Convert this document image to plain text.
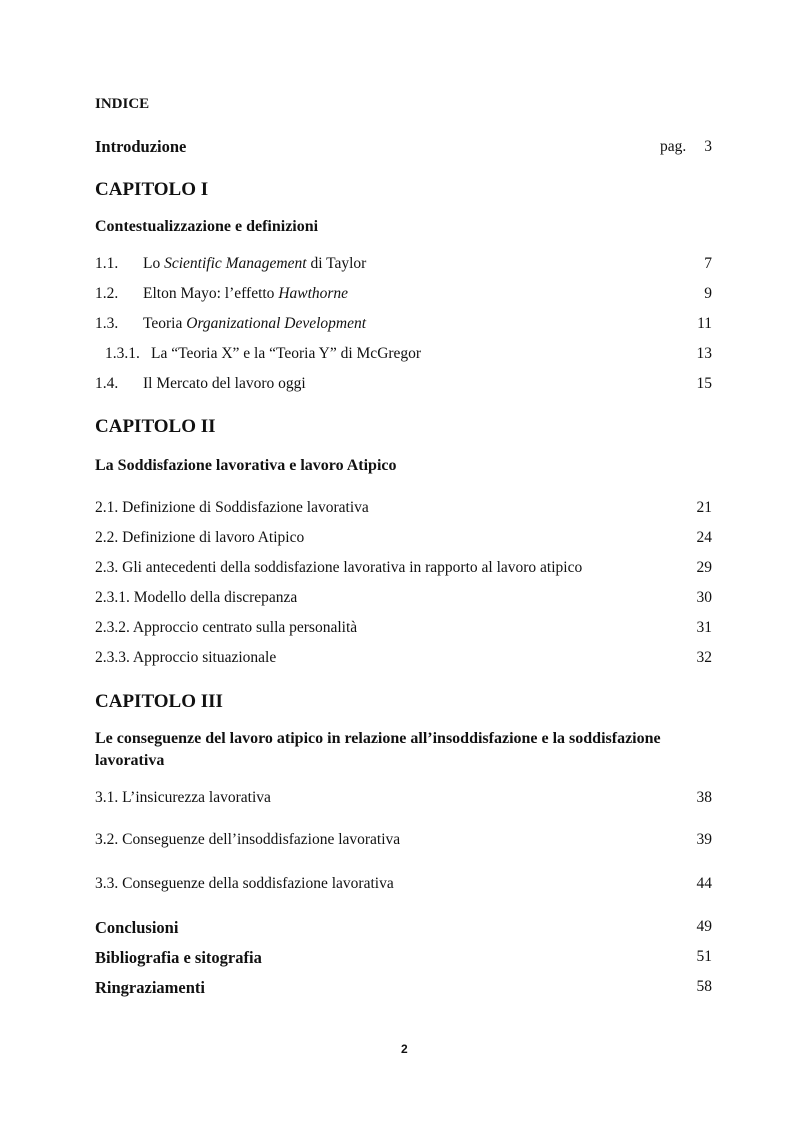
INDICE
Introduzione	pag.	3
CAPITOLO I
Contestualizzazione e definizioni
1.1. Lo Scientific Management di Taylor	7
1.2. Elton Mayo: l’effetto Hawthorne	9
1.3. Teoria Organizational Development	11
1.3.1. La “Teoria X” e la “Teoria Y” di McGregor	13
1.4. Il Mercato del lavoro oggi	15
CAPITOLO II
La Soddisfazione lavorativa e lavoro Atipico
2.1. Definizione di Soddisfazione lavorativa	21
2.2. Definizione di lavoro Atipico	24
2.3. Gli antecedenti della soddisfazione lavorativa in rapporto al lavoro atipico	29
2.3.1. Modello della discrepanza	30
2.3.2. Approccio centrato sulla personalità	31
2.3.3. Approccio situazionale	32
CAPITOLO III
Le conseguenze del lavoro atipico in relazione all’insoddisfazione e la soddisfazione
lavorativa
3.1. L’insicurezza lavorativa	38
3.2. Conseguenze dell’insoddisfazione lavorativa	39
3.3. Conseguenze della soddisfazione lavorativa	44
Conclusioni	49
Bibliografia e sitografia	51
Ringraziamenti	58
2
